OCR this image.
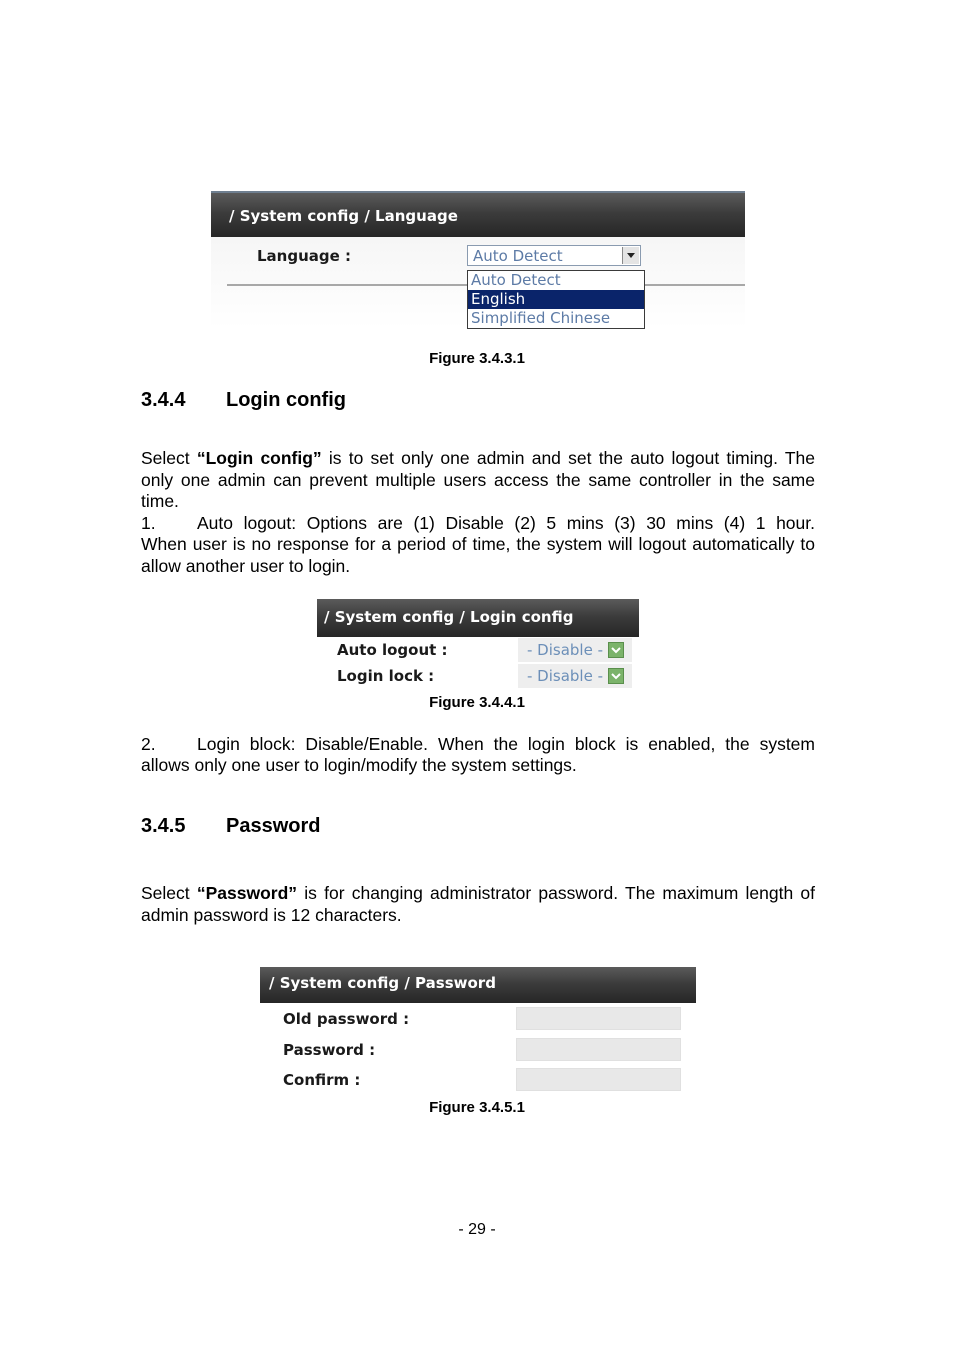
/ System config / Language
Language :	Auto Detect
Auto Detect
English
Simplified Chinese
Figure 3.4.3.1
3.4.4 Login config
Select “Login config” is to set only one admin and set the auto logout timing. The only one admin can prevent multiple users access the same controller in the same time.
1. Auto logout: Options are (1) Disable (2) 5 mins (3) 30 mins (4) 1 hour.
When user is no response for a period of time, the system will logout automatically to allow another user to login.
/ System config / Login config
Auto logout :	- Disable -
Login lock :	- Disable -
Figure 3.4.4.1
2. Login block: Disable/Enable. When the login block is enabled, the system
allows only one user to login/modify the system settings.
3.4.5 Password
Select “Password” is for changing administrator password. The maximum length of admin password is 12 characters.
/ System config / Password
Old password :
Password :
Confirm :
Figure 3.4.5.1
- 29 -
